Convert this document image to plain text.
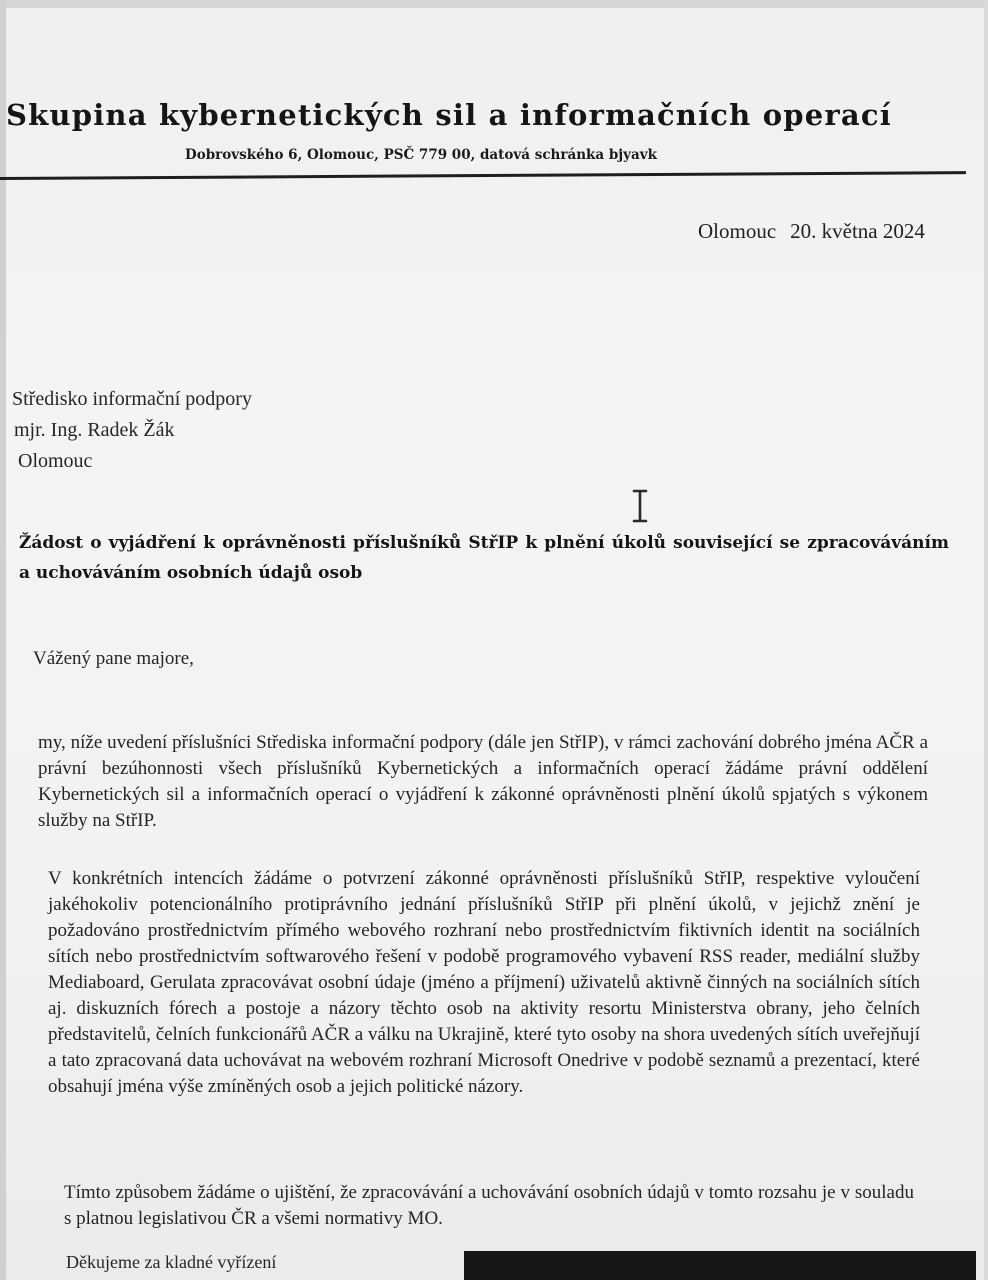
Skupina kybernetických sil a informačních operací
Dobrovského 6, Olomouc, PSČ 779 00, datová schránka bjyavk
Olomouc 20. května 2024
Středisko informační podpory
mjr. Ing. Radek Žák
Olomouc
Žádost o vyjádření k oprávněnosti příslušníků StřIP k plnění úkolů související se zpracováváním a uchováváním osobních údajů osob
Vážený pane majore,
my, níže uvedení příslušníci Střediska informační podpory (dále jen StřIP), v rámci zachování dobrého jména AČR a právní bezúhonnosti všech příslušníků Kybernetických a informačních operací žádáme právní oddělení Kybernetických sil a informačních operací o vyjádření k zákonné oprávněnosti plnění úkolů spjatých s výkonem služby na StřIP.
V konkrétních intencích žádáme o potvrzení zákonné oprávněnosti příslušníků StřIP, respektive vyloučení jakéhokoliv potencionálního protiprávního jednání příslušníků StřIP při plnění úkolů, v jejichž znění je požadováno prostřednictvím přímého webového rozhraní nebo prostřednictvím fiktivních identit na sociálních sítích nebo prostřednictvím softwarového řešení v podobě programového vybavení RSS reader, mediální služby Mediaboard, Gerulata zpracovávat osobní údaje (jméno a příjmení) uživatelů aktivně činných na sociálních sítích aj. diskuzních fórech a postoje a názory těchto osob na aktivity resortu Ministerstva obrany, jeho čelních představitelů, čelních funkcionářů AČR a válku na Ukrajině, které tyto osoby na shora uvedených sítích uveřejňují a tato zpracovaná data uchovávat na webovém rozhraní Microsoft Onedrive v podobě seznamů a prezentací, které obsahují jména výše zmíněných osob a jejich politické názory.
Tímto způsobem žádáme o ujištění, že zpracovávání a uchovávání osobních údajů v tomto rozsahu je v souladu s platnou legislativou ČR a všemi normativy MO.
Děkujeme za kladné vyřízení
